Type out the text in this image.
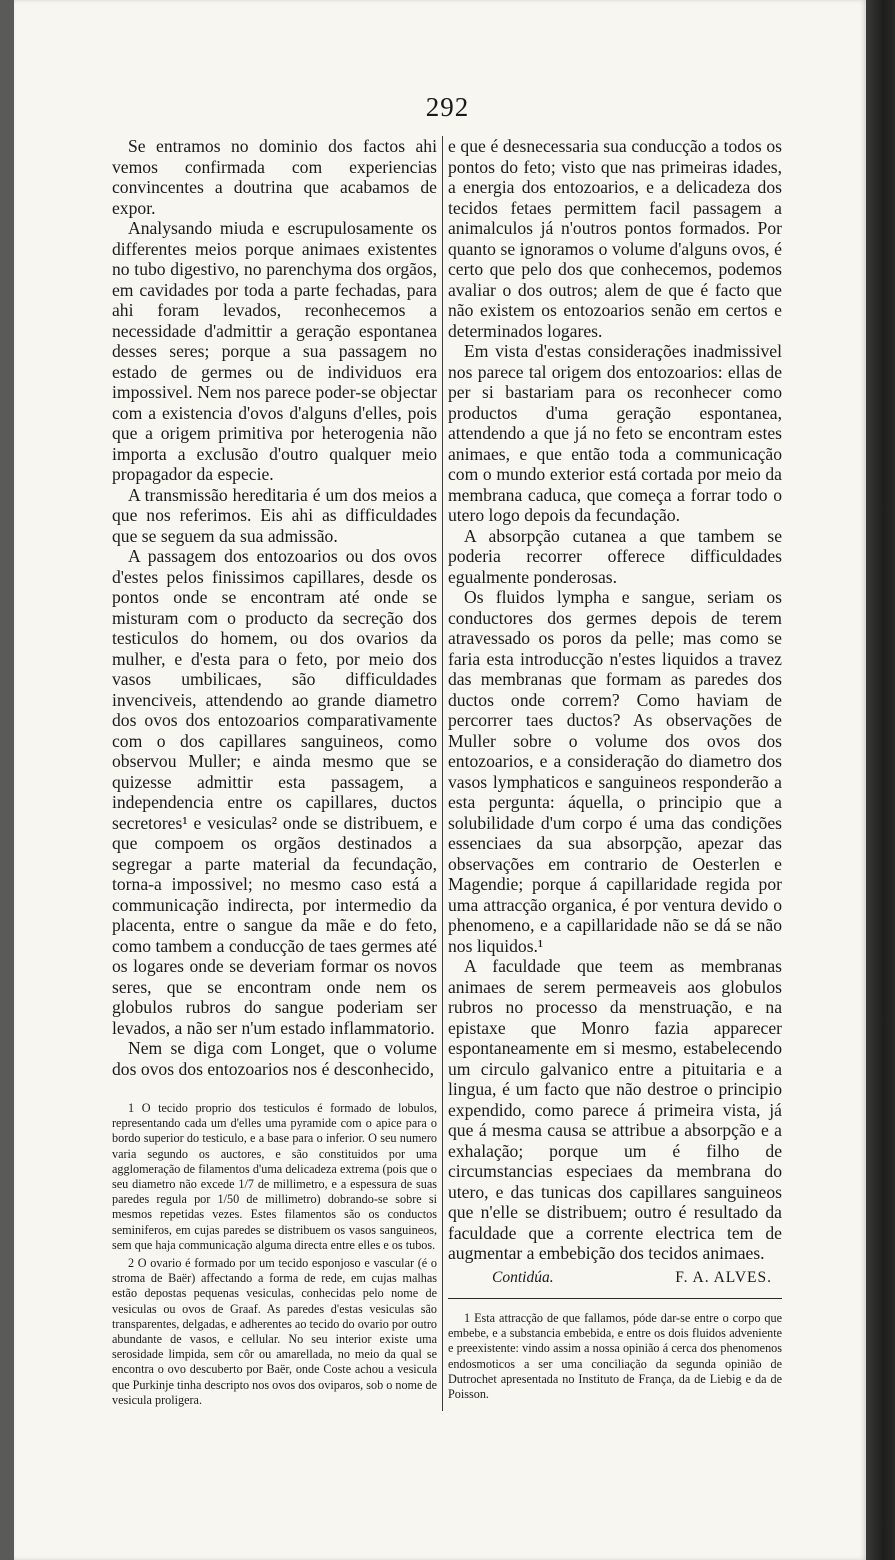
292

Se entramos no dominio dos factos ahi vemos confirmada com experiencias convincentes a doutrina que acabamos de expor.

Analysando miuda e escrupulosamente os differentes meios porque animaes existentes no tubo digestivo, no parenchyma dos orgãos, em cavidades por toda a parte fechadas, para ahi foram levados, reconhecemos a necessidade d'admittir a geração espontanea desses seres; porque a sua passagem no estado de germes ou de individuos era impossivel. Nem nos parece poder-se objectar com a existencia d'ovos d'alguns d'elles, pois que a origem primitiva por heterogenia não importa a exclusão d'outro qualquer meio propagador da especie.

A transmissão hereditaria é um dos meios a que nos referimos. Eis ahi as difficuldades que se seguem da sua admissão.

A passagem dos entozoarios ou dos ovos d'estes pelos finissimos capillares, desde os pontos onde se encontram até onde se misturam com o producto da secreção dos testiculos do homem, ou dos ovarios da mulher, e d'esta para o feto, por meio dos vasos umbilicaes, são difficuldades invenciveis, attendendo ao grande diametro dos ovos dos entozoarios comparativamente com o dos capillares sanguineos, como observou Muller; e ainda mesmo que se quizesse admittir esta passagem, a independencia entre os capillares, ductos secretores¹ e vesiculas² onde se distribuem, e que compoem os orgãos destinados a segregar a parte material da fecundação, torna-a impossivel; no mesmo caso está a communicação indirecta, por intermedio da placenta, entre o sangue da mãe e do feto, como tambem a conducção de taes germes até os logares onde se deveriam formar os novos seres, que se encontram onde nem os globulos rubros do sangue poderiam ser levados, a não ser n'um estado inflammatorio.

Nem se diga com Longet, que o volume dos ovos dos entozoarios nos é desconhecido,

1 O tecido proprio dos testiculos é formado de lobulos, representando cada um d'elles uma pyramide com o apice para o bordo superior do testiculo, e a base para o inferior. O seu numero varia segundo os auctores, e são constituidos por uma agglomeração de filamentos d'uma delicadeza extrema (pois que o seu diametro não excede 1/7 de millimetro, e a espessura de suas paredes regula por 1/50 de millimetro) dobrando-se sobre si mesmos repetidas vezes. Estes filamentos são os conductos seminiferos, em cujas paredes se distribuem os vasos sanguineos, sem que haja communicação alguma directa entre elles e os tubos.

2 O ovario é formado por um tecido esponjoso e vascular (é o stroma de Baër) affectando a forma de rede, em cujas malhas estão depostas pequenas vesiculas, conhecidas pelo nome de vesiculas ou ovos de Graaf. As paredes d'estas vesiculas são transparentes, delgadas, e adherentes ao tecido do ovario por outro abundante de vasos, e cellular. No seu interior existe uma serosidade limpida, sem côr ou amarellada, no meio da qual se encontra o ovo descuberto por Baër, onde Coste achou a vesicula que Purkinje tinha descripto nos ovos dos oviparos, sob o nome de vesicula proligera.

e que é desnecessaria sua conducção a todos os pontos do feto; visto que nas primeiras idades, a energia dos entozoarios, e a delicadeza dos tecidos fetaes permittem facil passagem a animalculos já n'outros pontos formados. Por quanto se ignoramos o volume d'alguns ovos, é certo que pelo dos que conhecemos, podemos avaliar o dos outros; alem de que é facto que não existem os entozoarios senão em certos e determinados logares.

Em vista d'estas considerações inadmissivel nos parece tal origem dos entozoarios: ellas de per si bastariam para os reconhecer como productos d'uma geração espontanea, attendendo a que já no feto se encontram estes animaes, e que então toda a communicação com o mundo exterior está cortada por meio da membrana caduca, que começa a forrar todo o utero logo depois da fecundação.

A absorpção cutanea a que tambem se poderia recorrer offerece difficuldades egualmente ponderosas.

Os fluidos lympha e sangue, seriam os conductores dos germes depois de terem atravessado os poros da pelle; mas como se faria esta introducção n'estes liquidos a travez das membranas que formam as paredes dos ductos onde correm? Como haviam de percorrer taes ductos? As observações de Muller sobre o volume dos ovos dos entozoarios, e a consideração do diametro dos vasos lymphaticos e sanguineos responderão a esta pergunta: áquella, o principio que a solubilidade d'um corpo é uma das condições essenciaes da sua absorpção, apezar das observações em contrario de Oesterlen e Magendie; porque á capillaridade regida por uma attracção organica, é por ventura devido o phenomeno, e a capillaridade não se dá se não nos liquidos.¹

A faculdade que teem as membranas animaes de serem permeaveis aos globulos rubros no processo da menstruação, e na epistaxe que Monro fazia apparecer espontaneamente em si mesmo, estabelecendo um circulo galvanico entre a pituitaria e a lingua, é um facto que não destroe o principio expendido, como parece á primeira vista, já que á mesma causa se attribue a absorpção e a exhalação; porque um é filho de circumstancias especiaes da membrana do utero, e das tunicas dos capillares sanguineos que n'elle se distribuem; outro é resultado da faculdade que a corrente electrica tem de augmentar a embebição dos tecidos animaes.

Contidúa.	F. A. ALVES.

1 Esta attracção de que fallamos, póde dar-se entre o corpo que embebe, e a substancia embebida, e entre os dois fluidos adveniente e preexistente: vindo assim a nossa opinião á cerca dos phenomenos endosmoticos a ser uma conciliação da segunda opinião de Dutrochet apresentada no Instituto de França, da de Liebig e da de Poisson.
